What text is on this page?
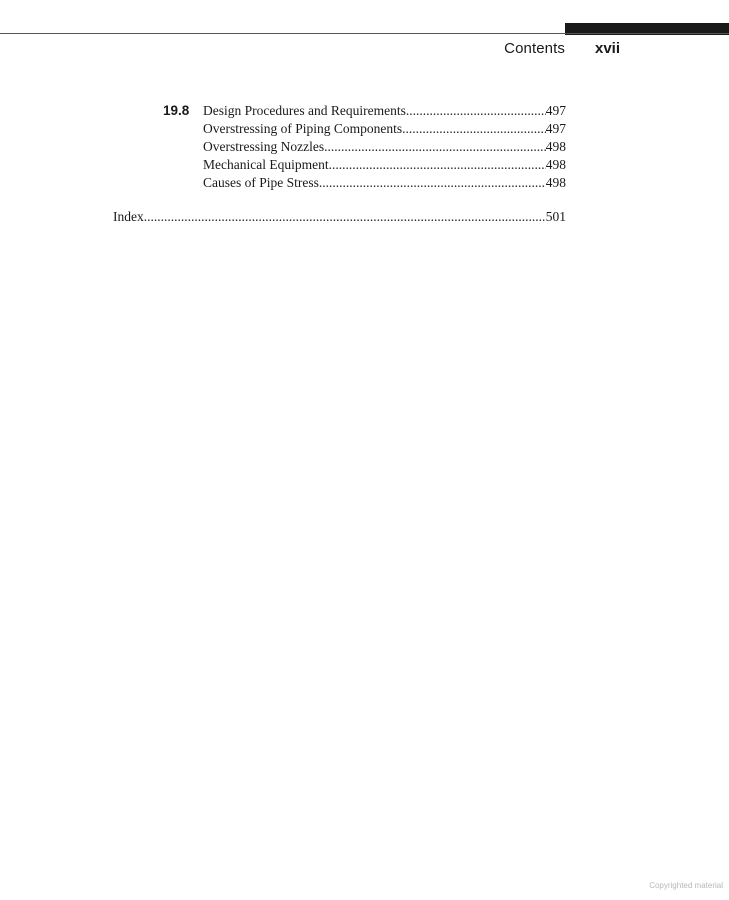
Contents xvii
19.8 Design Procedures and Requirements .....	497
Overstressing of Piping Components .....	497
Overstressing Nozzles .....	498
Mechanical Equipment .....	498
Causes of Pipe Stress .....	498
Index .....	501
Copyrighted material
